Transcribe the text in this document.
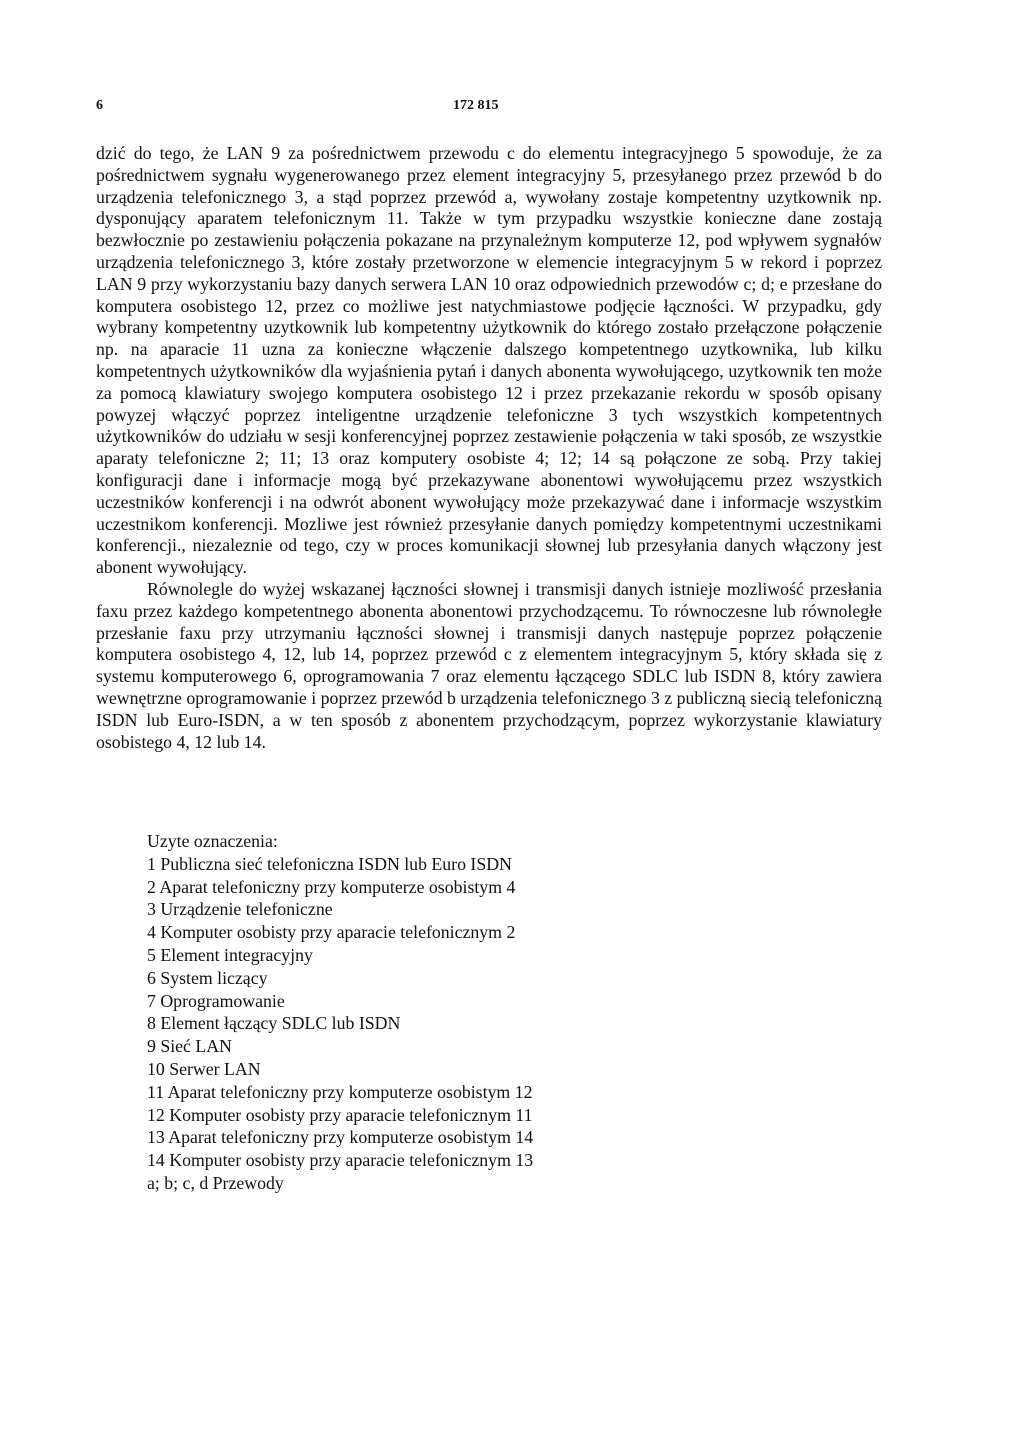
6	172 815

dzić do tego, że LAN 9 za pośrednictwem przewodu c do elementu integracyjnego 5 spowoduje, że za pośrednictwem sygnału wygenerowanego przez element integracyjny 5, przesyłanego przez przewód b do urządzenia telefonicznego 3, a stąd poprzez przewód a, wywołany zostaje kompetentny uzytkownik np. dysponujący aparatem telefonicznym 11. Także w tym przypadku wszystkie konieczne dane zostają bezwłocznie po zestawieniu połączenia pokazane na przynależnym komputerze 12, pod wpływem sygnałów urządzenia telefonicznego 3, które zostały przetworzone w elemencie integracyjnym 5 w rekord i poprzez LAN 9 przy wykorzystaniu bazy danych serwera LAN 10 oraz odpowiednich przewodów c; d; e przesłane do komputera osobistego 12, przez co możliwe jest natychmiastowe podjęcie łączności. W przypadku, gdy wybrany kompetentny uzytkownik lub kompetentny użytkownik do którego zostało przełączone połączenie np. na aparacie 11 uzna za konieczne włączenie dalszego kompetentnego uzytkownika, lub kilku kompetentnych użytkowników dla wyjaśnienia pytań i danych abonenta wywołującego, uzytkownik ten może za pomocą klawiatury swojego komputera osobistego 12 i przez przekazanie rekordu w sposób opisany powyzej włączyć poprzez inteligentne urządzenie telefoniczne 3 tych wszystkich kompetentnych użytkowników do udziału w sesji konferencyjnej poprzez zestawienie połączenia w taki sposób, ze wszystkie aparaty telefoniczne 2; 11; 13 oraz komputery osobiste 4; 12; 14 są połączone ze sobą. Przy takiej konfiguracji dane i informacje mogą być przekazywane abonentowi wywołującemu przez wszystkich uczestników konferencji i na odwrót abonent wywołujący może przekazywać dane i informacje wszystkim uczestnikom konferencji. Mozliwe jest również przesyłanie danych pomiędzy kompetentnymi uczestnikami konferencji., niezaleznie od tego, czy w proces komunikacji słownej lub przesyłania danych włączony jest abonent wywołujący.

Równolegle do wyżej wskazanej łączności słownej i transmisji danych istnieje mozliwość przesłania faxu przez każdego kompetentnego abonenta abonentowi przychodzącemu. To równoczesne lub równoległe przesłanie faxu przy utrzymaniu łączności słownej i transmisji danych następuje poprzez połączenie komputera osobistego 4, 12, lub 14, poprzez przewód c z elementem integracyjnym 5, który składa się z systemu komputerowego 6, oprogramowania 7 oraz elementu łączącego SDLC lub ISDN 8, który zawiera wewnętrzne oprogramowanie i poprzez przewód b urządzenia telefonicznego 3 z publiczną siecią telefoniczną ISDN lub Euro-ISDN, a w ten sposób z abonentem przychodzącym, poprzez wykorzystanie klawiatury osobistego 4, 12 lub 14.

Uzyte oznaczenia:

1 Publiczna sieć telefoniczna ISDN lub Euro ISDN
2 Aparat telefoniczny przy komputerze osobistym 4
3 Urządzenie telefoniczne
4 Komputer osobisty przy aparacie telefonicznym 2
5 Element integracyjny
6 System liczący
7 Oprogramowanie
8 Element łączący SDLC lub ISDN
9 Sieć LAN
10 Serwer LAN
11 Aparat telefoniczny przy komputerze osobistym 12
12 Komputer osobisty przy aparacie telefonicznym 11
13 Aparat telefoniczny przy komputerze osobistym 14
14 Komputer osobisty przy aparacie telefonicznym 13
a; b; c, d Przewody
